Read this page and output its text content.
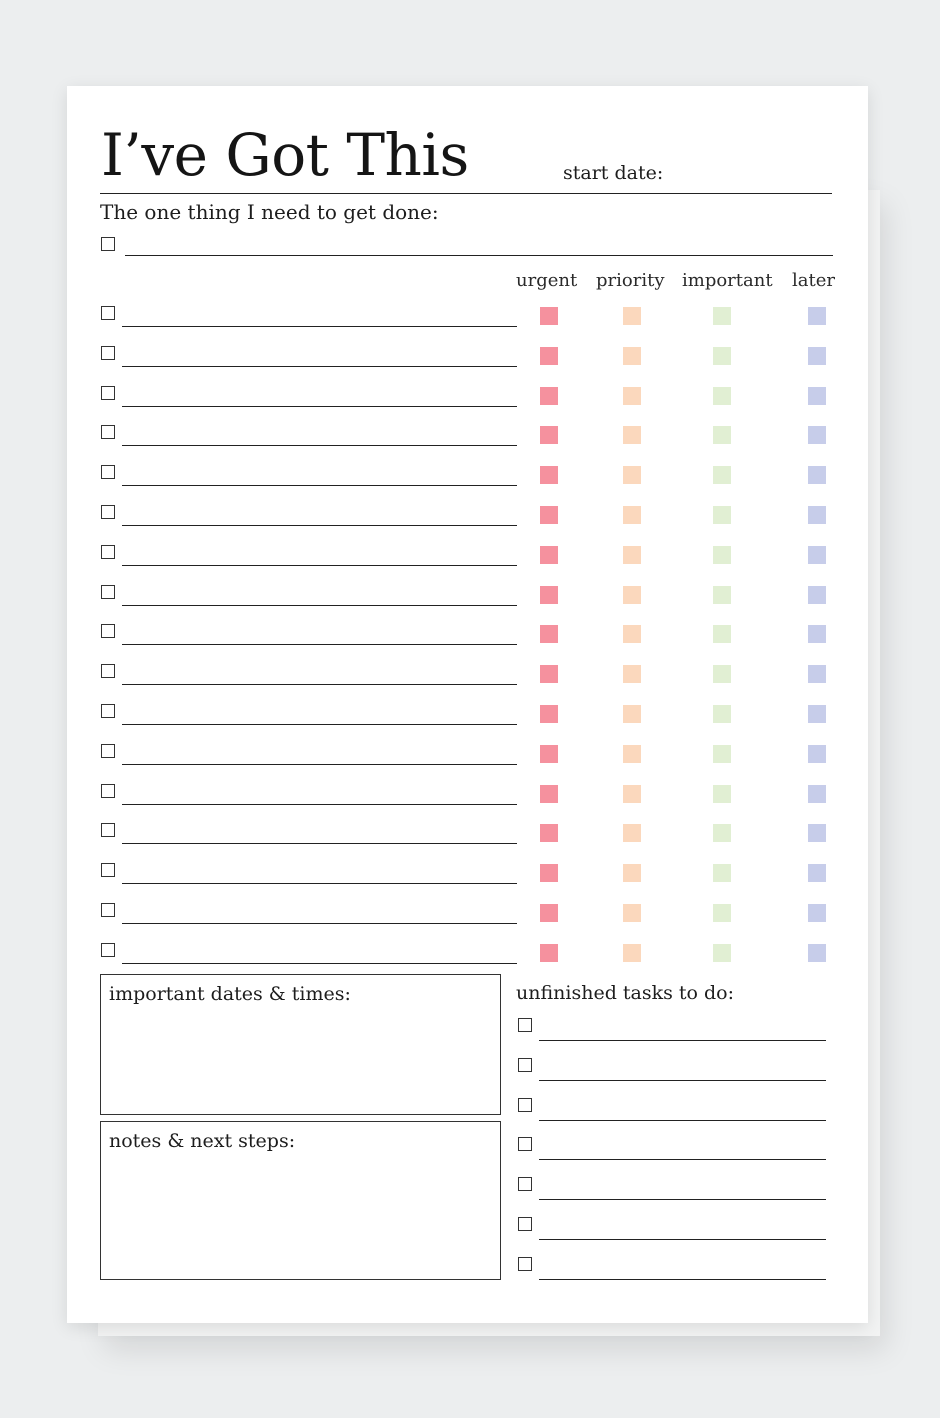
I’ve Got This	start date:
The one thing I need to get done:
urgent priority important later
important dates & times:
notes & next steps:
unfinished tasks to do:
